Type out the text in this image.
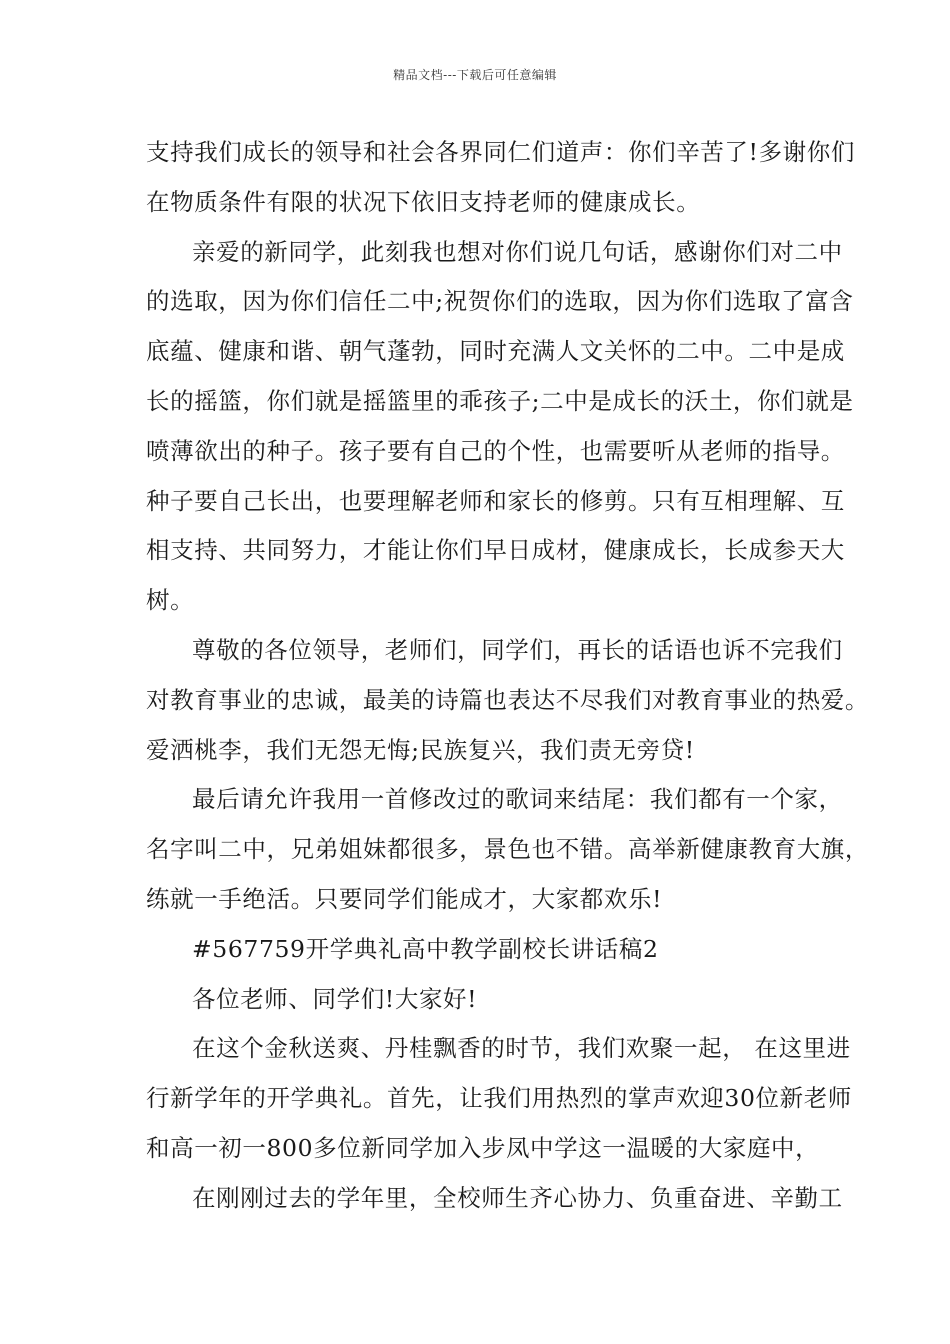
精品文档---下载后可任意编辑
支持我们成长的领导和社会各界同仁们道声：你们辛苦了!多谢你们
在物质条件有限的状况下依旧支持老师的健康成长。
亲爱的新同学，此刻我也想对你们说几句话，感谢你们对二中
的选取，因为你们信任二中;祝贺你们的选取，因为你们选取了富含
底蕴、健康和谐、朝气蓬勃，同时充满人文关怀的二中。二中是成
长的摇篮，你们就是摇篮里的乖孩子;二中是成长的沃土，你们就是
喷薄欲出的种子。孩子要有自己的个性，也需要听从老师的指导。
种子要自己长出，也要理解老师和家长的修剪。只有互相理解、互
相支持、共同努力，才能让你们早日成材，健康成长，长成参天大
树。
尊敬的各位领导，老师们，同学们，再长的话语也诉不完我们
对教育事业的忠诚，最美的诗篇也表达不尽我们对教育事业的热爱。
爱洒桃李，我们无怨无悔;民族复兴，我们责无旁贷!
最后请允许我用一首修改过的歌词来结尾：我们都有一个家，
名字叫二中，兄弟姐妹都很多，景色也不错。高举新健康教育大旗，
练就一手绝活。只要同学们能成才，大家都欢乐!
#567759开学典礼高中教学副校长讲话稿2
各位老师、同学们!大家好!
在这个金秋送爽、丹桂飘香的时节，我们欢聚一起， 在这里进
行新学年的开学典礼。首先，让我们用热烈的掌声欢迎30位新老师
和高一初一800多位新同学加入步凤中学这一温暖的大家庭中，
在刚刚过去的学年里，全校师生齐心协力、负重奋进、辛勤工
